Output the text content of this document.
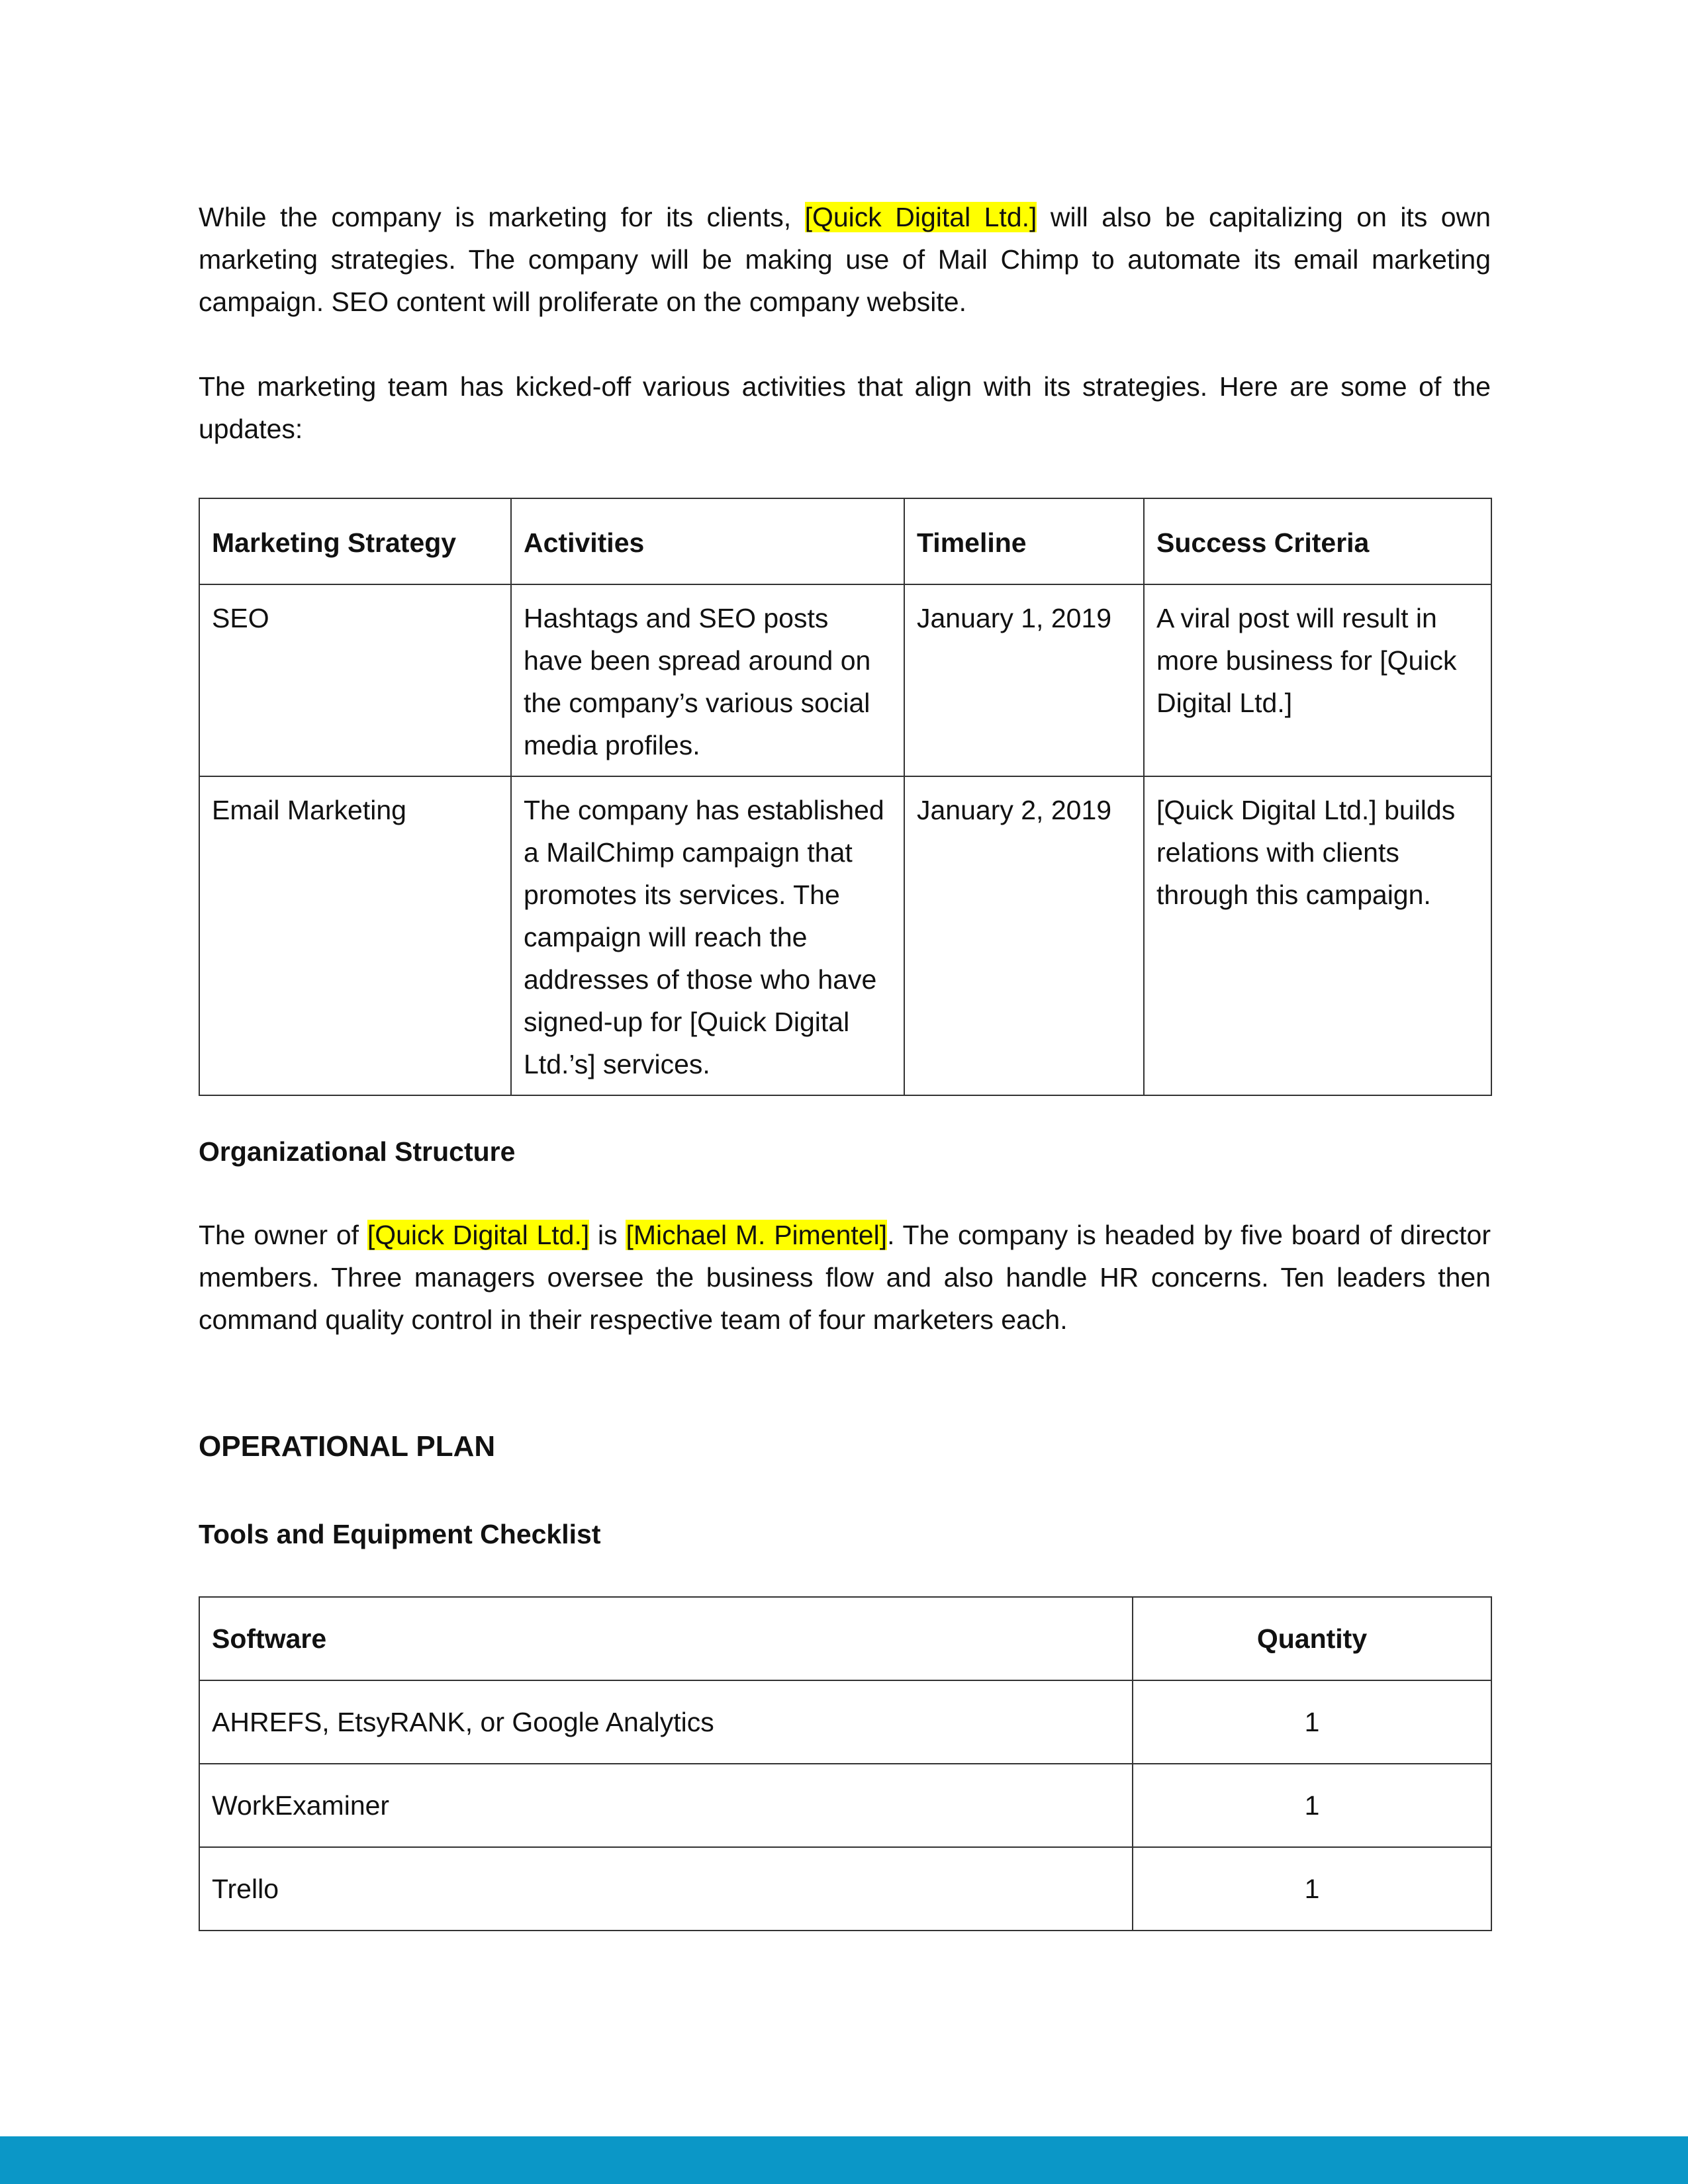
While the company is marketing for its clients, [Quick Digital Ltd.] will also be capitalizing on its own marketing strategies. The company will be making use of Mail Chimp to automate its email marketing campaign. SEO content will proliferate on the company website.

The marketing team has kicked-off various activities that align with its strategies. Here are some of the updates:

Marketing Strategy	Activities	Timeline	Success Criteria
SEO	Hashtags and SEO posts have been spread around on the company’s various social media profiles.	January 1, 2019	A viral post will result in more business for [Quick Digital Ltd.]
Email Marketing	The company has established a MailChimp campaign that promotes its services. The campaign will reach the addresses of those who have signed-up for [Quick Digital Ltd.’s] services.	January 2, 2019	[Quick Digital Ltd.] builds relations with clients through this campaign.
Organizational Structure

The owner of [Quick Digital Ltd.] is [Michael M. Pimentel]. The company is headed by five board of director members. Three managers oversee the business flow and also handle HR concerns. Ten leaders then command quality control in their respective team of four marketers each.

OPERATIONAL PLAN
Tools and Equipment Checklist
Software	Quantity
AHREFS, EtsyRANK, or Google Analytics	1
WorkExaminer	1
Trello	1
